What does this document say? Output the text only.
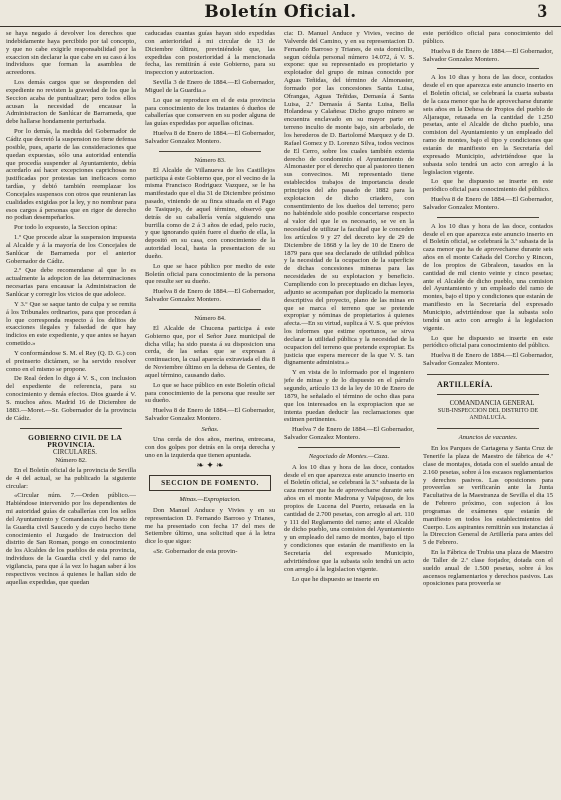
Boletín Oficial.	3

se haya negado á devolver los derechos que indebidamente haya percibido por tal concepto, y que no cabe exigirle responsabilidad por la exaccion sin declarar la que cabe en su caso á los individuos que forman la asamblea de acreedores.

Los demás cargos que se desprenden del expediente no revisten la gravedad de los que la Seccion acaba de puntualizar; pero todos ellos acusan la necesidad de encausar la Administracion de Sanlúcar de Barrameda, que debe hallarse hondamente perturbada.

Por lo demás, la medida del Gobernador de Cádiz que decretó la suspension no tiene defensa posible, pues, aparte de las consideraciones que quedan expuestas, sólo una autoridad entendía que procedía suspender al Ayuntamiento, debía acordarlo así hacer excepciones caprichosas no justificadas por protestas tan ineficaces como tardías, y debió también reemplazar los Concejales suspensos con otros que reunieran las cualidades exigidas por la ley, y no nombrar para esos cargos á personas que en rigor de derecho no podian desempeñarlos.

Por todo lo expuesto, la Seccion opina:

1.º Que procede alzar la suspension impuesta al Alcalde y á la mayoría de los Concejales de Sanlúcar de Barrameda por el anterior Gobernador de Cádiz.

2.º Que debe recomendarse al que lo es actualmente la adopcion de las determinaciones necesarias para encausar la Administracion de Sanlúcar y corregir los vicios de que adolece.

Y 3.º Que se saque tanto de culpa y se remita á los Tribunales ordinarios, para que procedan á lo que corresponda respecto á los delitos de exacciones ilegales y falsedad de que hay indicios en este expediente, y que antes se hayan cometido.»

Y conformándose S. M. el Rey (Q. D. G.) con el preinserto dictámen, se ha servido resolver como en el mismo se propone.

De Real órden lo digo á V. S., con inclusion del expediente de referencia, para su conocimiento y demás efectos. Dios guarde á V. S. muchos años. Madrid 16 de Diciembre de 1883.—Moret.—Sr. Gobernador de la provincia de Cádiz.

GOBIERNO CIVIL DE LA PROVINCIA.

CIRCULARES.

Número 82.

En el Boletín oficial de la provincia de Sevilla de 4 del actual, se ha publicado la siguiente circular:

«Circular núm. 7.—Orden público.—Habiéndose intervenido por los dependientes de mi autoridad guías de caballerías con los sellos del Ayuntamiento y Comandancia del Puesto de la Guardia civil Saucedo y de cuyo hecho tiene conocimiento el Juzgado de Instruccion del distrito de San Roman, pongo en conocimiento de los Alcaldes de los pueblos de esta provincia, individuos de la Guardia civil y del ramo de vigilancia, para que á la vez lo hagan saber á los respectivos vecinos á quienes le hallan sido de aquellas expedidas, que quedan

caducadas cuantas guías hayan sido expedidas con anterioridad á mi circular de 13 de Diciembre último, previniéndole que, las expedidas con posterioridad á la mencionada fecha, las remitirán á este Gobierno, para su inspeccion y autorizacion.

Sevilla 3 de Enero de 1884.—El Gobernador, Miguel de la Guardia.»

Lo que se reproduce en el de esta provincia para conocimiento de los tratantes ó dueños de caballerías que conserven en su poder alguna de las guías expedidas por aquellas oficinas.

Huelva 8 de Enero de 1884.—El Gobernador, Salvador Gonzalez Montero.

Número 83.

El Alcalde de Villanueva de los Castillejos participa á este Gobierno que, por el vecino de la misma Francisco Rodriguez Vazquez, se le ha manifestado que el dia 31 de Diciembre próximo pasado, viniendo de su finca situada en el Pago de Tasiquejo, de aquel término, observó que detrás de su caballería venía siguiendo una burrilla como de 2 á 3 años de edad, pelo rucio, y que ignorando quién fuere el dueño de ella, la depositó en su casa, con conocimiento de la autoridad local, hasta la presentacion de su dueño.

Lo que se hace público por medio de este Boletín oficial para conocimiento de la persona que resulte ser su dueño.

Huelva 8 de Enero de 1884.—El Gobernador, Salvador Gonzalez Montero.

Número 84.

El Alcalde de Chucena participa á este Gobierno que, por el Señor Juez municipal de dicha villa; ha sido puesta á su disposicion una cerda, de las señas que se expresan á continuacion, la cual aparecía extraviada el dia 8 de Noviembre último en la dehesa de Gentes, de aquel término, causando daño.

Lo que se hace público en este Boletín oficial para conocimiento de la persona que resulte ser su dueño.

Huelva 8 de Enero de 1884.—El Gobernador, Salvador Gonzalez Montero.

Señas.

Una cerda de dos años, merina, entrecana, con dos golpes por detrás en la oreja derecha y uno en la izquierda que tienen apuntada.

❧ ✦ ❧
SECCION DE FOMENTO.

Minas.—Expropiacion.

Don Manuel Anduce y Vivies y en su representacion D. Fernando Barroso y Trianes, me ha presentado con fecha 17 del mes de Setiembre último, una solicitud que á la letra dice lo que sigue:

«Sr. Gobernador de esta provin-

cia: D. Manuel Anduce y Vivies, vecino de Valverde del Camino, y en su representacion D. Fernando Barroso y Trianes, de esta domicilio, segun cédula personal número 14.072, á V. S. expone: que su representado es propietario y explotador del grupo de minas conocido por Aguas Teñidas, del término de Almonaster, formado por las concesiones Santa Luisa, Ofrangas, Aguas Teñidas, Demasía á Santa Luisa, 2.ª Demasía á Santa Luisa, Bella Holandesa y Calañesa: Dicho grupo minero se encuentra enclavado en su mayor parte en terreno inculto de monte bajo, sin arbolado, de los herederos de D. Bartolomé Marquez y de D. Rafael Gomez y D. Lorenzo Silva, todos vecinos de El Cerro, sobre los cuales también extenta derecho de condominio el Ayuntamiento de Almonaster por el derecho que al pastoreo tienen sus convecinos. Mi representado tiene establecidos trabajos de importancia desde principios del año pasado de 1882 para la explotacion de dicho criadero, con consentimiento de los dueños del terreno; pero no habiéndole sido posible concertarse respecto al valor del que le es necesario, se ve en la necesidad de utilizar la facultad que le conceden los artículos 9 y 27 del decreto ley de 29 de Diciembre de 1868 y la ley de 10 de Enero de 1879 para que sea declarado de utilidad pública y la necesidad de la ocupacion de la superficie de dichas concesiones mineras para las necesidades de su explotacion y beneficio. Cumpliendo con lo preceptuado en dichas leyes, adjunto se acompañan por duplicado la memoria descriptiva del proyecto, plano de las minas en que se marca el terreno que se pretende expropiar y nóminas de propietarios á quienes afecta.—En su virtud, suplica á V. S. que prévios los informes que estime oportunos, se sirva declarar la utilidad pública y la necesidad de la ocupacion del terreno que pretende expropiar. Es justicia que espera merecer de la que V. S. tan dignamente administra.»

Y en vista de lo informado por el ingeniero jefe de minas y de lo dispuesto en el párrafo segundo, artículo 13 de la ley de 10 de Enero de 1879, he señalado el término de ocho dias para que los interesados en la expropiacion que se intenta puedan deducir las reclamaciones que estimen pertinentes.

Huelva 7 de Enero de 1884.—El Gobernador, Salvador Gonzalez Montero.

Negociado de Montes.—Caza.

A los 10 dias y hora de las doce, contados desde el en que aparezca este anuncio inserto en el Boletín oficial, se celebrará la 3.ª subasta de la caza menor que ha de aprovecharse durante seis años en el monte Madrona y Valpajoso, de los propios de Lucena del Puerto, retasada en la cantidad de 2.700 pesetas, con arreglo al art. 110 y 111 del Reglamento del ramo; ante el Alcalde de dicho pueblo, una comision del Ayuntamiento y un empleado del ramo de montes, bajo el tipo y condiciones que estarán de manifiesto en la Secretaría del expresado Municipio, advirtiéndose que la subasta solo tendrá un acto con arreglo á la legislacion vigente.

Lo que he dispuesto se inserte en

este periódico oficial para conocimiento del público.

Huelva 8 de Enero de 1884.—El Gobernador, Salvador Gonzalez Montero.

A los 10 dias y hora de las doce, contados desde el en que aparezca este anuncio inserto en el Boletín oficial, se celebrará la cuarta subasta de la caza menor que ha de aprovecharse durante seis años en la Dehesa de Propios del pueblo de Aljaraque, retasada en la cantidad de 1.250 pesetas, ante el Alcalde de dicho pueblo, una comision del Ayuntamiento y un empleado del ramo de montes, bajo el tipo y condiciones que estarán de manifiesto en la Secretaría del expresado Municipio, advirtiéndose que la subasta solo tendrá un acto con arreglo á la legislacion vigente.

Lo que he dispuesto se inserte en este periódico oficial para conocimiento del público.

Huelva 8 de Enero de 1884.—El Gobernador, Salvador Gonzalez Montero.

A los 10 dias y hora de las doce, contados desde el en que aparezca este anuncio inserto en el Boletín oficial, se celebrará la 3.ª subasta de la caza menor que ha de aprovecharse durante seis años en el monte Cañada del Corcho y Rincon, de los propios de Gibraleon, tasados en la cantidad de mil ciento veinte y cinco pesetas; ante el Alcalde de dicho pueblo, una comision del Ayuntamiento y un empleado del ramo de montes, bajo el tipo y condiciones que estarán de manifiesto en la Secretaría del expresado Municipio, advirtiéndose que la subasta solo tendrá un acto con arreglo á la legislacion vigente.

Lo que he dispuesto se inserte en este periódico oficial para conocimiento del público.

Huelva 8 de Enero de 1884.—El Gobernador, Salvador Gonzalez Montero.

ARTILLERÍA.

COMANDANCIA GENERAL

SUB-INSPECCION DEL DISTRITO DE ANDALUCÍA.

Anuncios de vacantes.

En los Parques de Cartagena y Santa Cruz de Tenerife la plaza de Maestro de fábrica de 4.ª clase de montajes, dotada con el sueldo anual de 2.160 pesetas, sobre á los escasos reglamentarios y derechos pasivos. Las oposiciones para proveerlas se verificarán ante la Junta Facultativa de la Maestranza de Sevilla el dia 15 de Febrero próximo, con sujecion á los programas de exámenes que estarán de manifiesto en todos los establecimientos del Cuerpo. Los aspirantes remitirán sus instancias á la Direccion General de Artillería para antes del 5 de Febrero.

En la Fábrica de Trubia una plaza de Maestro de Taller de 2.ª clase forjador, dotada con el sueldo anual de 1.500 pesetas, sobre á los ascensos reglamentarios y derechos pasivos. Las oposiciones para proveerla se
